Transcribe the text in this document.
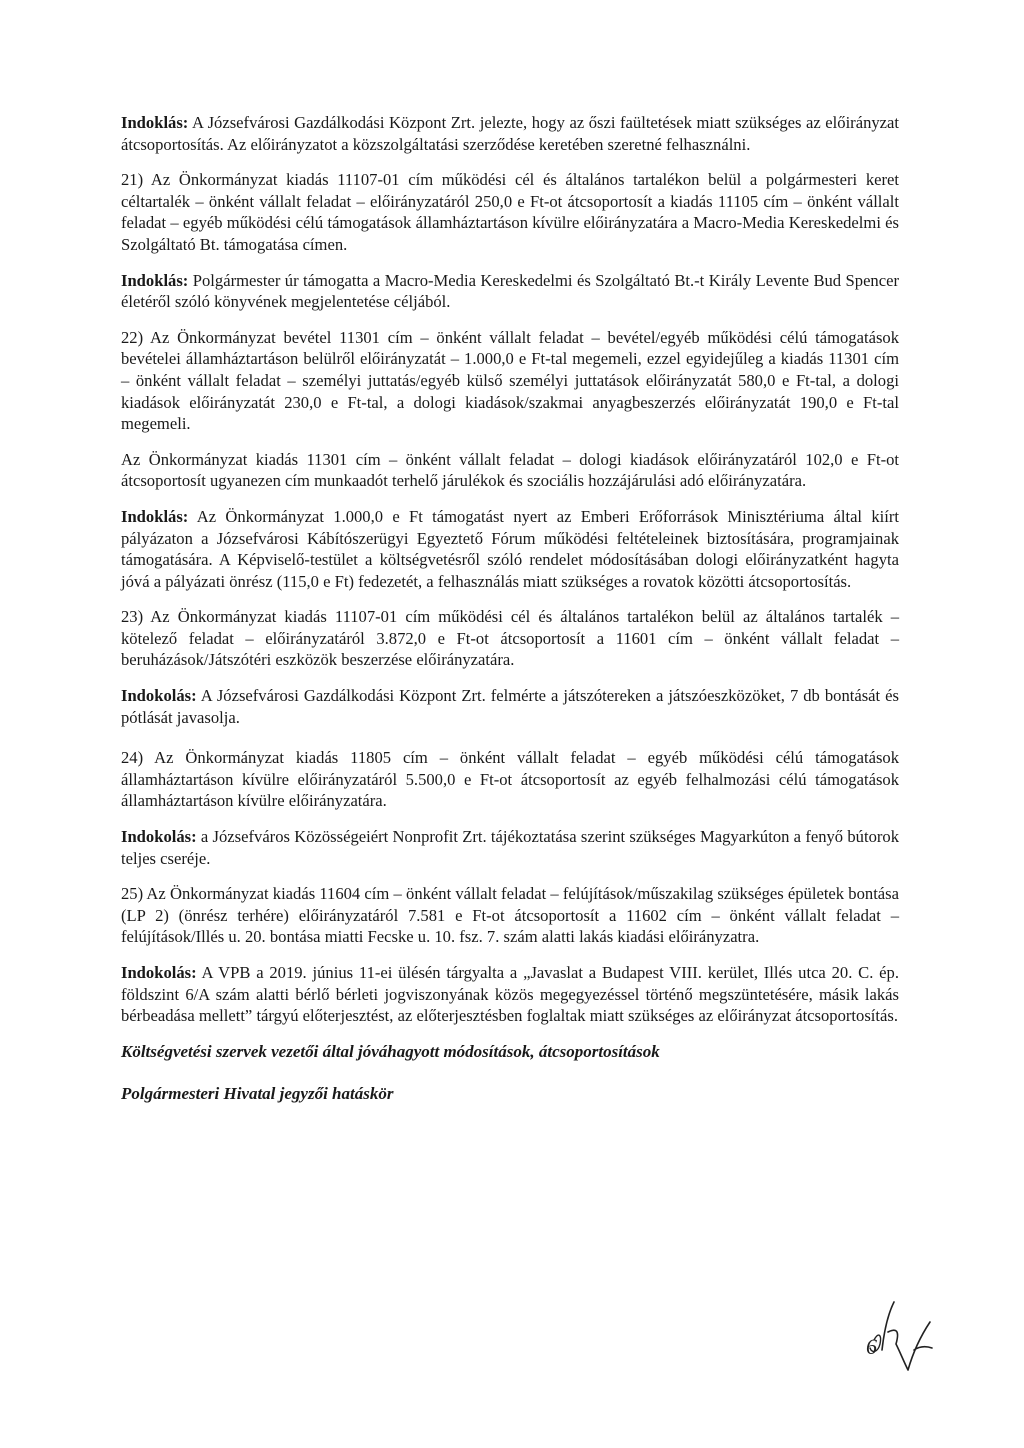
Indoklás: A Józsefvárosi Gazdálkodási Központ Zrt. jelezte, hogy az őszi faültetések miatt szükséges az előirányzat átcsoportosítás. Az előirányzatot a közszolgáltatási szerződése keretében szeretné felhasználni.

21) Az Önkormányzat kiadás 11107-01 cím működési cél és általános tartalékon belül a polgármesteri keret céltartalék – önként vállalt feladat – előirányzatáról 250,0 e Ft-ot átcsoportosít a kiadás 11105 cím – önként vállalt feladat – egyéb működési célú támogatások államháztartáson kívülre előirányzatára a Macro-Media Kereskedelmi és Szolgáltató Bt. támogatása címen.

Indoklás: Polgármester úr támogatta a Macro-Media Kereskedelmi és Szolgáltató Bt.-t Király Levente Bud Spencer életéről szóló könyvének megjelentetése céljából.

22) Az Önkormányzat bevétel 11301 cím – önként vállalt feladat – bevétel/egyéb működési célú támogatások bevételei államháztartáson belülről előirányzatát – 1.000,0 e Ft-tal megemeli, ezzel egyidejűleg a kiadás 11301 cím – önként vállalt feladat – személyi juttatás/egyéb külső személyi juttatások előirányzatát 580,0 e Ft-tal, a dologi kiadások előirányzatát 230,0 e Ft-tal, a dologi kiadások/szakmai anyagbeszerzés előirányzatát 190,0 e Ft-tal megemeli.

Az Önkormányzat kiadás 11301 cím – önként vállalt feladat – dologi kiadások előirányzatáról 102,0 e Ft-ot átcsoportosít ugyanezen cím munkaadót terhelő járulékok és szociális hozzájárulási adó előirányzatára.

Indoklás: Az Önkormányzat 1.000,0 e Ft támogatást nyert az Emberi Erőforrások Minisztériuma által kiírt pályázaton a Józsefvárosi Kábítószerügyi Egyeztető Fórum működési feltételeinek biztosítására, programjainak támogatására. A Képviselő-testület a költségvetésről szóló rendelet módosításában dologi előirányzatként hagyta jóvá a pályázati önrész (115,0 e Ft) fedezetét, a felhasználás miatt szükséges a rovatok közötti átcsoportosítás.

23) Az Önkormányzat kiadás 11107-01 cím működési cél és általános tartalékon belül az általános tartalék – kötelező feladat – előirányzatáról 3.872,0 e Ft-ot átcsoportosít a 11601 cím – önként vállalt feladat – beruházások/Játszótéri eszközök beszerzése előirányzatára.

Indokolás: A Józsefvárosi Gazdálkodási Központ Zrt. felmérte a játszótereken a játszóeszközöket, 7 db bontását és pótlását javasolja.

24) Az Önkormányzat kiadás 11805 cím – önként vállalt feladat – egyéb működési célú támogatások államháztartáson kívülre előirányzatáról 5.500,0 e Ft-ot átcsoportosít az egyéb felhalmozási célú támogatások államháztartáson kívülre előirányzatára.

Indokolás: a Józsefváros Közösségeiért Nonprofit Zrt. tájékoztatása szerint szükséges Magyarkúton a fenyő bútorok teljes cseréje.

25) Az Önkormányzat kiadás 11604 cím – önként vállalt feladat – felújítások/műszakilag szükséges épületek bontása (LP 2) (önrész terhére) előirányzatáról 7.581 e Ft-ot átcsoportosít a 11602 cím – önként vállalt feladat – felújítások/Illés u. 20. bontása miatti Fecske u. 10. fsz. 7. szám alatti lakás kiadási előirányzatra.

Indokolás: A VPB a 2019. június 11-ei ülésén tárgyalta a „Javaslat a Budapest VIII. kerület, Illés utca 20. C. ép. földszint 6/A szám alatti bérlő bérleti jogviszonyának közös megegyezéssel történő megszüntetésére, másik lakás bérbeadása mellett” tárgyú előterjesztést, az előterjesztésben foglaltak miatt szükséges az előirányzat átcsoportosítás.

Költségvetési szervek vezetői által jóváhagyott módosítások, átcsoportosítások
Polgármesteri Hivatal jegyzői hatáskör
6
